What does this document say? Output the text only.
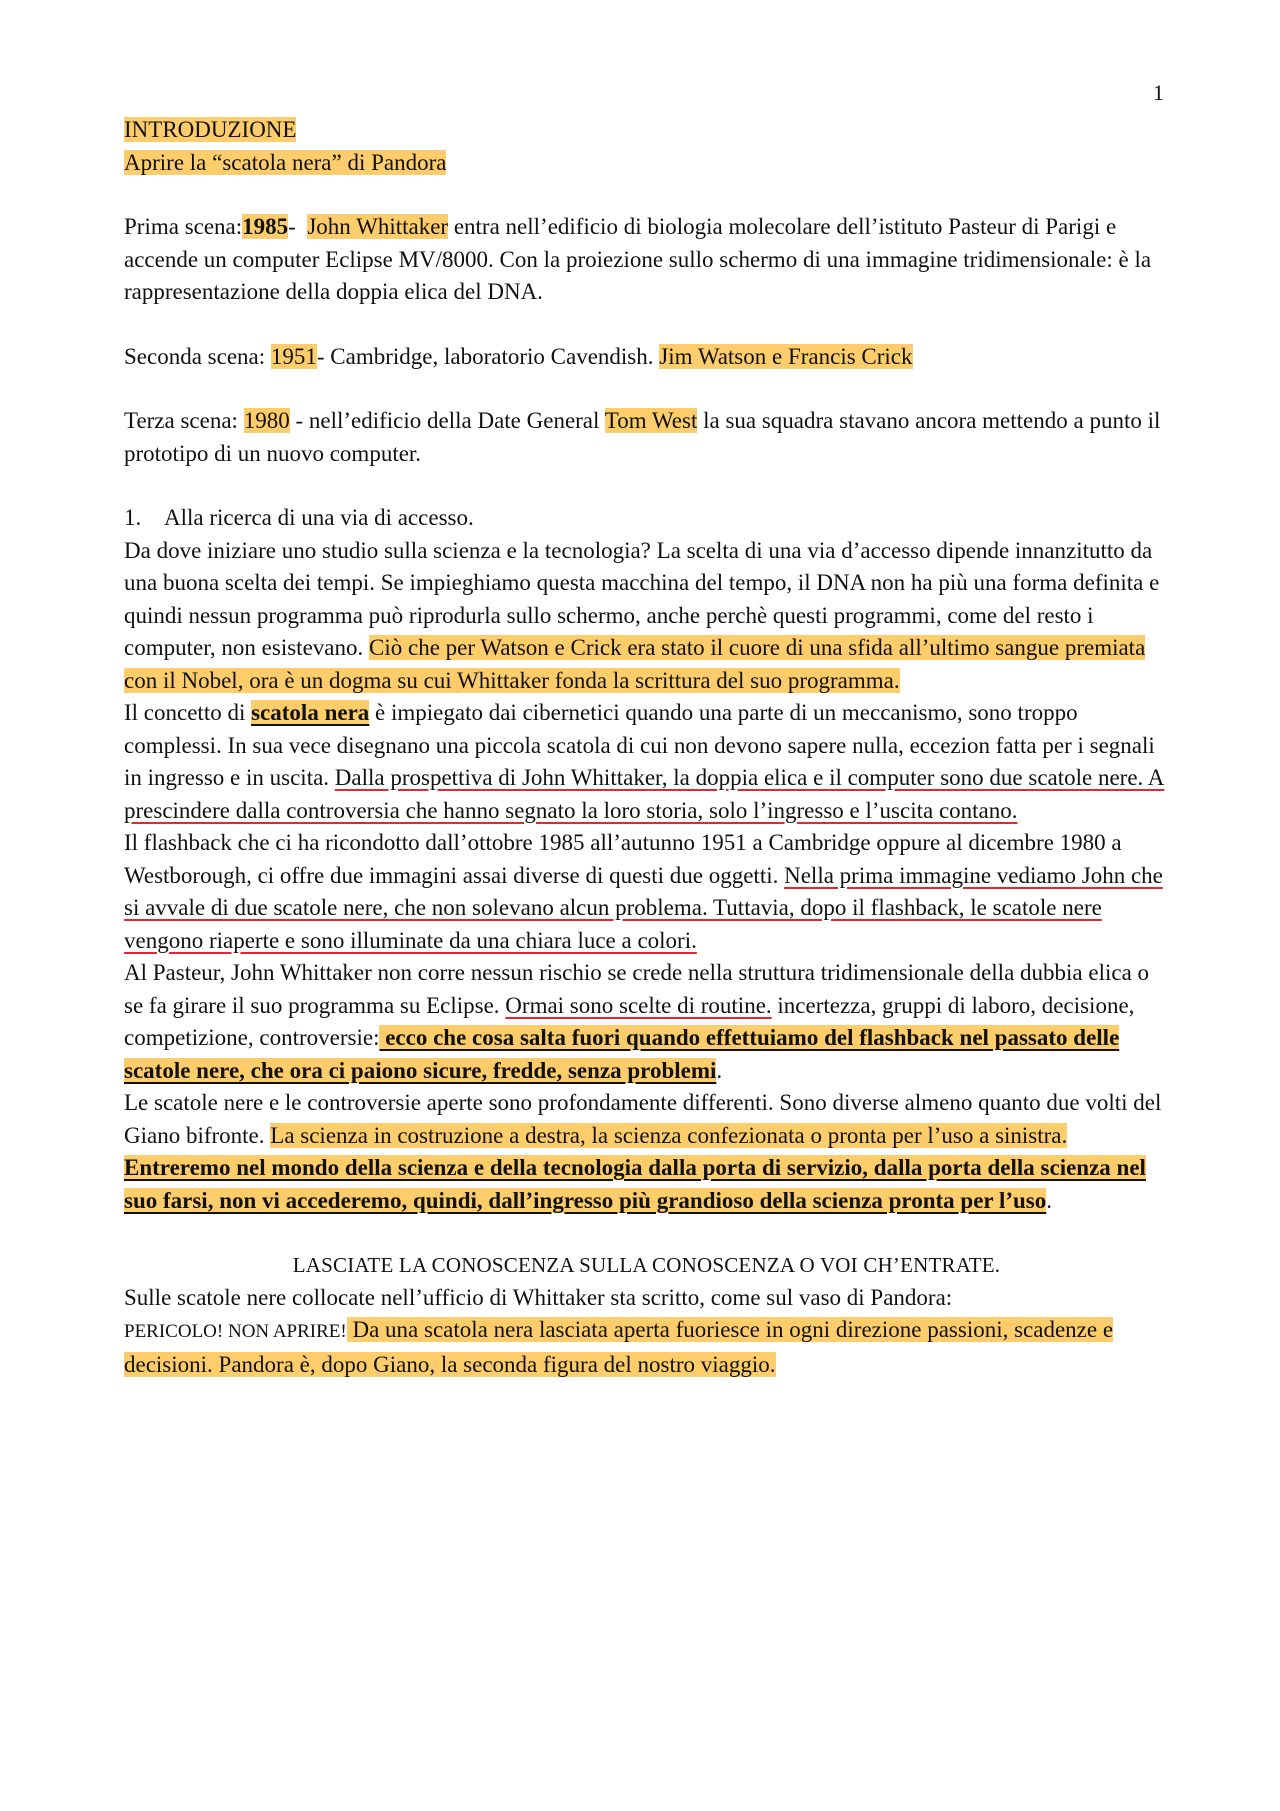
1

INTRODUZIONE

Aprire la “scatola nera” di Pandora

Prima scena:1985- John Whittaker entra nell’edificio di biologia molecolare dell’istituto Pasteur di Parigi e accende un computer Eclipse MV/8000. Con la proiezione sullo schermo di una immagine tridimensionale: è la rappresentazione della doppia elica del DNA.

Seconda scena: 1951- Cambridge, laboratorio Cavendish. Jim Watson e Francis Crick

Terza scena: 1980 - nell’edificio della Date General Tom West la sua squadra stavano ancora mettendo a punto il prototipo di un nuovo computer.

1. Alla ricerca di una via di accesso.

Da dove iniziare uno studio sulla scienza e la tecnologia? La scelta di una via d’accesso dipende innanzitutto da una buona scelta dei tempi. Se impieghiamo questa macchina del tempo, il DNA non ha più una forma definita e quindi nessun programma può riprodurla sullo schermo, anche perchè questi programmi, come del resto i computer, non esistevano. Ciò che per Watson e Crick era stato il cuore di una sfida all’ultimo sangue premiata con il Nobel, ora è un dogma su cui Whittaker fonda la scrittura del suo programma.

Il concetto di scatola nera è impiegato dai cibernetici quando una parte di un meccanismo, sono troppo complessi. In sua vece disegnano una piccola scatola di cui non devono sapere nulla, eccezion fatta per i segnali in ingresso e in uscita. Dalla prospettiva di John Whittaker, la doppia elica e il computer sono due scatole nere. A prescindere dalla controversia che hanno segnato la loro storia, solo l’ingresso e l’uscita contano.

Il flashback che ci ha ricondotto dall’ottobre 1985 all’autunno 1951 a Cambridge oppure al dicembre 1980 a Westborough, ci offre due immagini assai diverse di questi due oggetti. Nella prima immagine vediamo John che si avvale di due scatole nere, che non solevano alcun problema. Tuttavia, dopo il flashback, le scatole nere vengono riaperte e sono illuminate da una chiara luce a colori.

Al Pasteur, John Whittaker non corre nessun rischio se crede nella struttura tridimensionale della dubbia elica o se fa girare il suo programma su Eclipse. Ormai sono scelte di routine. incertezza, gruppi di laboro, decisione, competizione, controversie: ecco che cosa salta fuori quando effettuiamo del flashback nel passato delle scatole nere, che ora ci paiono sicure, fredde, senza problemi.

Le scatole nere e le controversie aperte sono profondamente differenti. Sono diverse almeno quanto due volti del Giano bifronte. La scienza in costruzione a destra, la scienza confezionata o pronta per l’uso a sinistra.

Entreremo nel mondo della scienza e della tecnologia dalla porta di servizio, dalla porta della scienza nel suo farsi, non vi accederemo, quindi, dall’ingresso più grandioso della scienza pronta per l’uso.

LASCIATE LA CONOSCENZA SULLA CONOSCENZA O VOI CH’ENTRATE.

Sulle scatole nere collocate nell’ufficio di Whittaker sta scritto, come sul vaso di Pandora:

PERICOLO! NON APRIRE! Da una scatola nera lasciata aperta fuoriesce in ogni direzione passioni, scadenze e decisioni. Pandora è, dopo Giano, la seconda figura del nostro viaggio.
